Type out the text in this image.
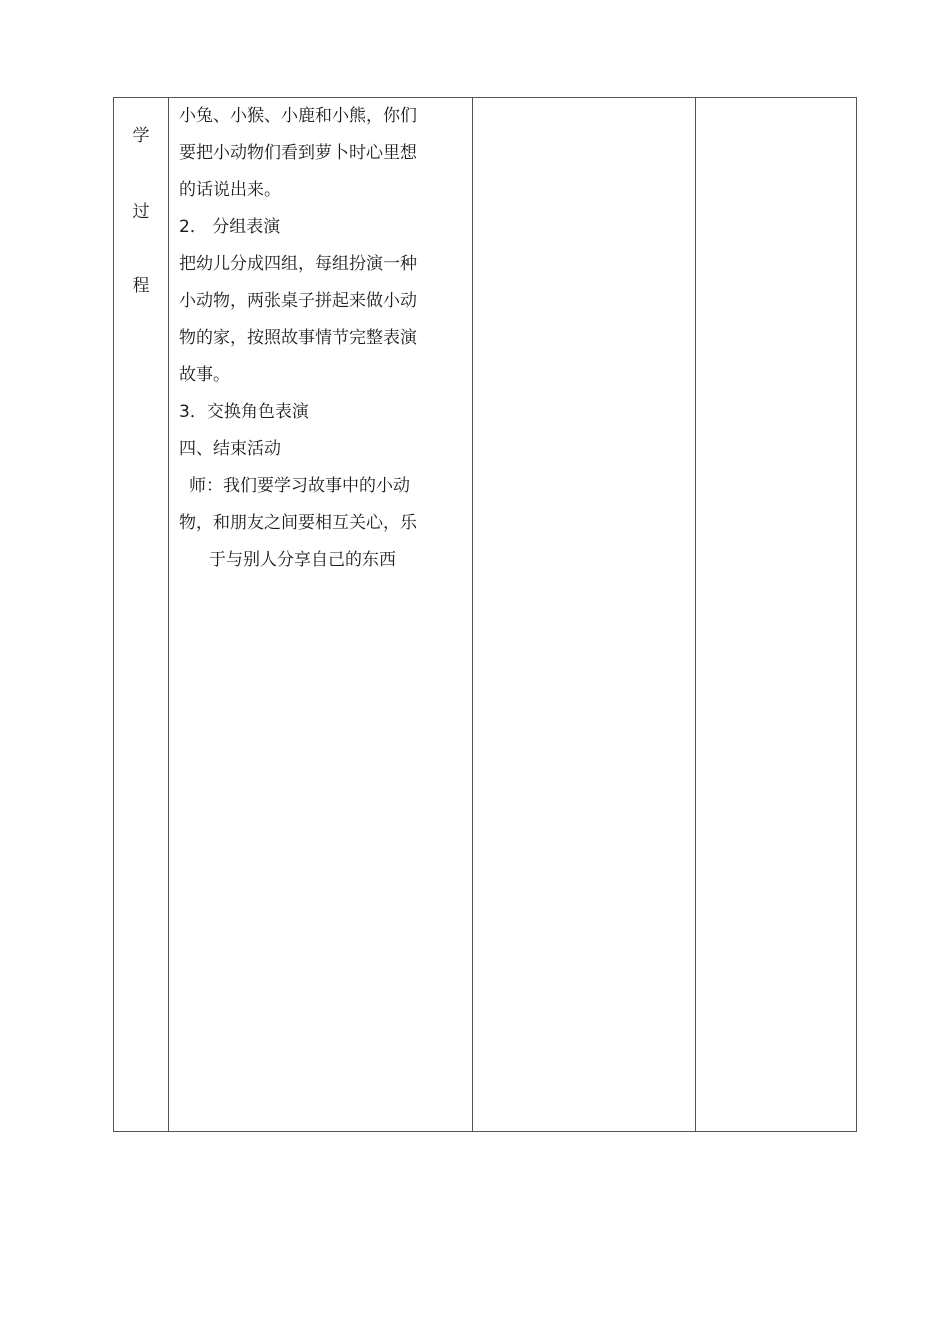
学
过
程

小兔、小猴、小鹿和小熊，你们
要把小动物们看到萝卜时心里想
的话说出来。
2． 分组表演
把幼儿分成四组，每组扮演一种
小动物，两张桌子拼起来做小动
物的家，按照故事情节完整表演
故事。
3．交换角色表演
四、结束活动
师：我们要学习故事中的小动
物，和朋友之间要相互关心，乐
于与别人分享自己的东西
